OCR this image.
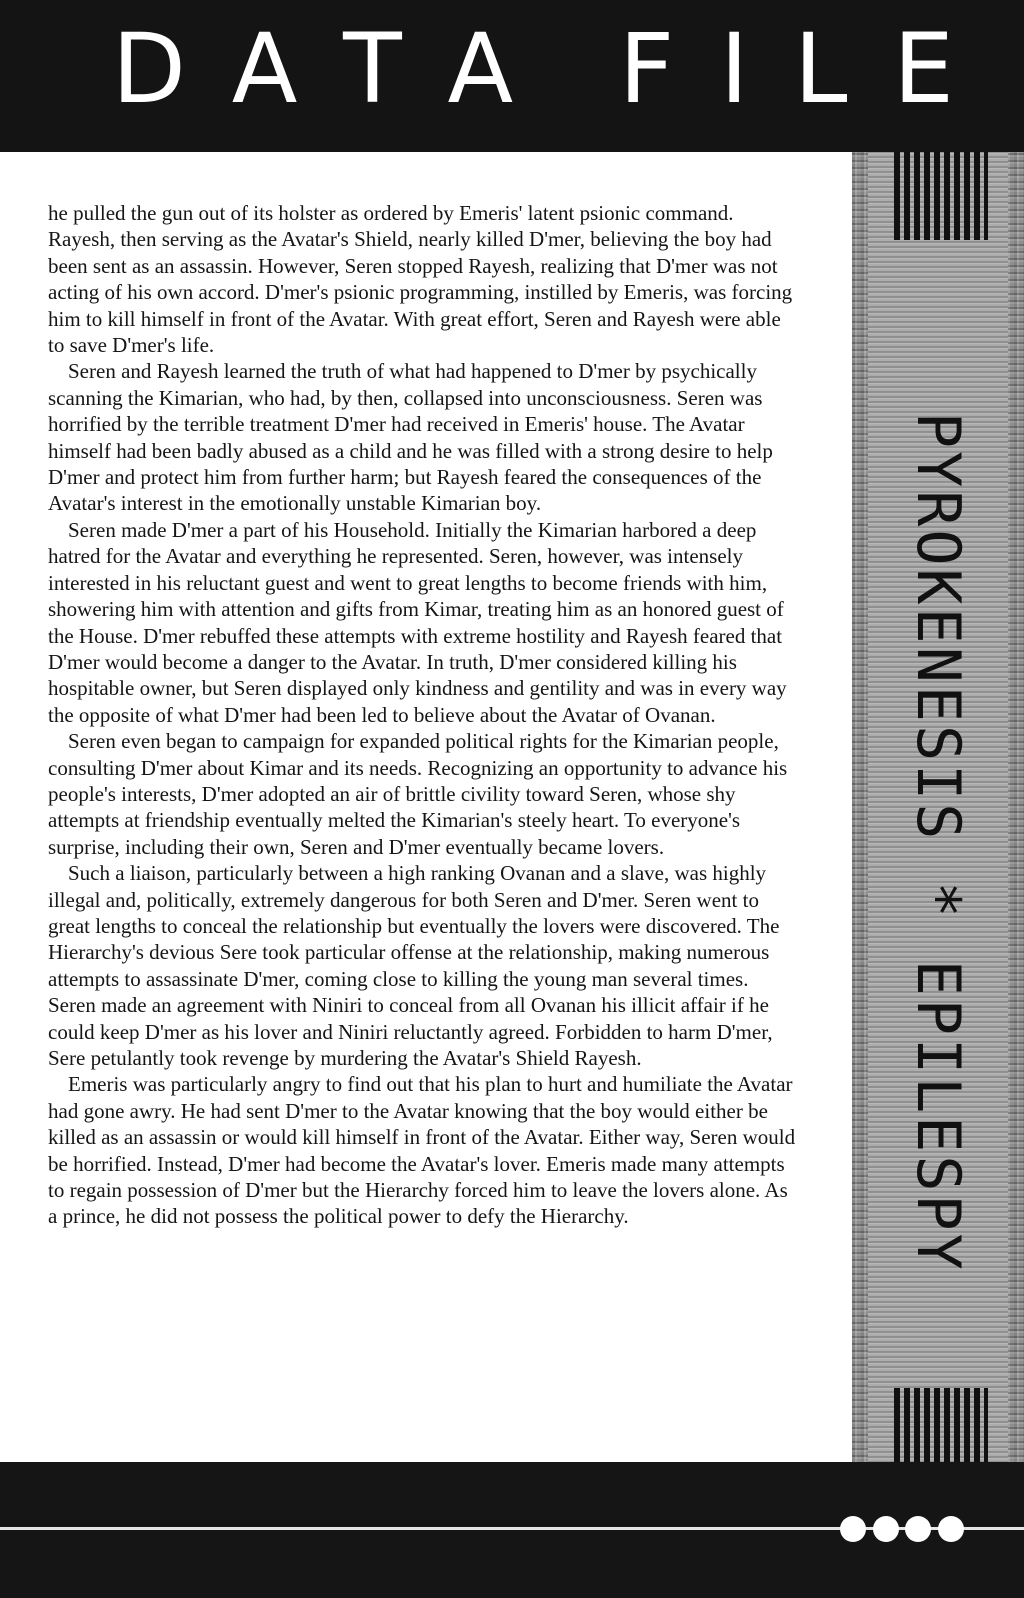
D A T A F I L E
PYROKENESIS * EPILESPY

he pulled the gun out of its holster as ordered by Emeris' latent psionic command. Rayesh, then serving as the Avatar's Shield, nearly killed D'mer, believing the boy had been sent as an assassin. However, Seren stopped Rayesh, realizing that D'mer was not acting of his own accord. D'mer's psionic programming, instilled by Emeris, was forcing him to kill himself in front of the Avatar. With great effort, Seren and Rayesh were able to save D'mer's life.

Seren and Rayesh learned the truth of what had happened to D'mer by psychically scanning the Kimarian, who had, by then, collapsed into unconsciousness. Seren was horrified by the terrible treatment D'mer had received in Emeris' house. The Avatar himself had been badly abused as a child and he was filled with a strong desire to help D'mer and protect him from further harm; but Rayesh feared the consequences of the Avatar's interest in the emotionally unstable Kimarian boy.

Seren made D'mer a part of his Household. Initially the Kimarian harbored a deep hatred for the Avatar and everything he represented. Seren, however, was intensely interested in his reluctant guest and went to great lengths to become friends with him, showering him with attention and gifts from Kimar, treating him as an honored guest of the House. D'mer rebuffed these attempts with extreme hostility and Rayesh feared that D'mer would become a danger to the Avatar. In truth, D'mer considered killing his hospitable owner, but Seren displayed only kindness and gentility and was in every way the opposite of what D'mer had been led to believe about the Avatar of Ovanan.

Seren even began to campaign for expanded political rights for the Kimarian people, consulting D'mer about Kimar and its needs. Recognizing an opportunity to advance his people's interests, D'mer adopted an air of brittle civility toward Seren, whose shy attempts at friendship eventually melted the Kimarian's steely heart. To everyone's surprise, including their own, Seren and D'mer eventually became lovers.

Such a liaison, particularly between a high ranking Ovanan and a slave, was highly illegal and, politically, extremely dangerous for both Seren and D'mer. Seren went to great lengths to conceal the relationship but eventually the lovers were discovered. The Hierarchy's devious Sere took particular offense at the relationship, making numerous attempts to assassinate D'mer, coming close to killing the young man several times. Seren made an agreement with Niniri to conceal from all Ovanan his illicit affair if he could keep D'mer as his lover and Niniri reluctantly agreed. Forbidden to harm D'mer, Sere petulantly took revenge by murdering the Avatar's Shield Rayesh.

Emeris was particularly angry to find out that his plan to hurt and humiliate the Avatar had gone awry. He had sent D'mer to the Avatar knowing that the boy would either be killed as an assassin or would kill himself in front of the Avatar. Either way, Seren would be horrified. Instead, D'mer had become the Avatar's lover. Emeris made many attempts to regain possession of D'mer but the Hierarchy forced him to leave the lovers alone. As a prince, he did not possess the political power to defy the Hierarchy.
